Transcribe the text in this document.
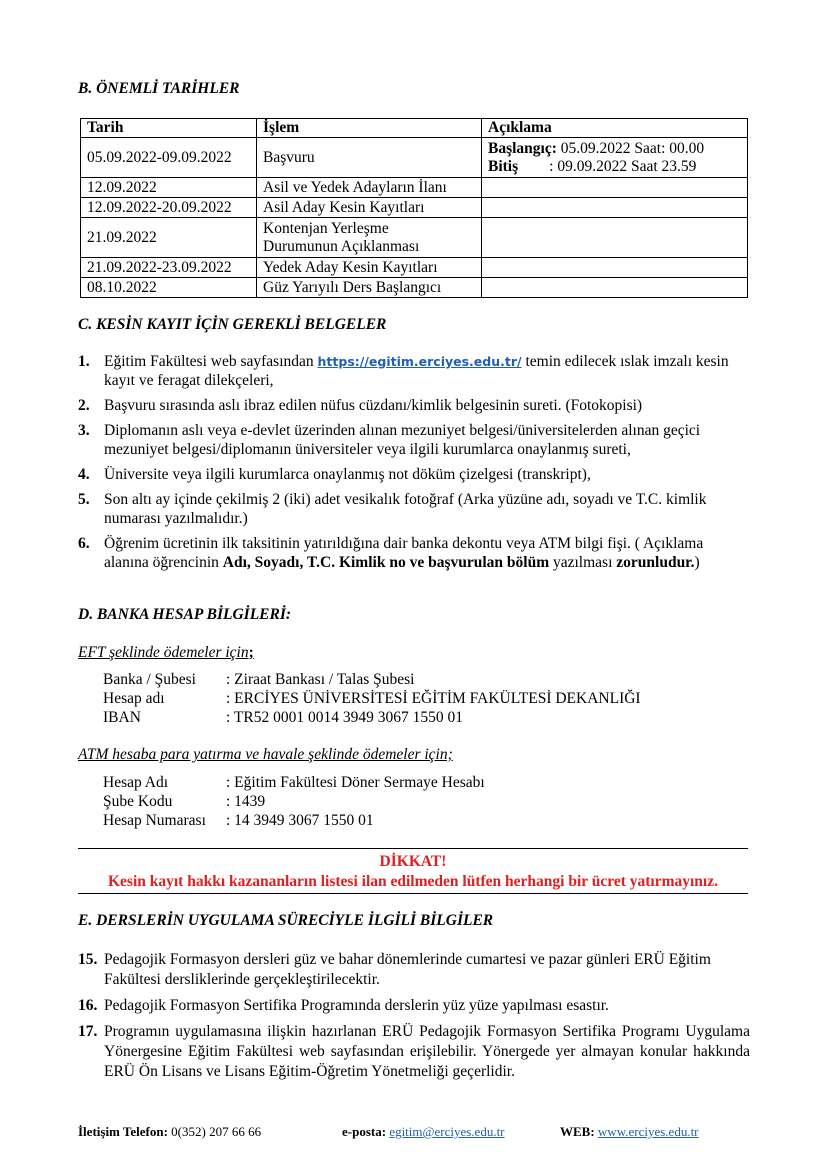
B. ÖNEMLİ TARİHLER

Tarih	İşlem	Açıklama
05.09.2022-09.09.2022	Başvuru	Başlangıç: 05.09.2022 Saat: 00.00
Bitiş        : 09.09.2022 Saat 23.59

12.09.2022	Asil ve Yedek Adayların İlanı	
12.09.2022-20.09.2022	Asil Aday Kesin Kayıtları	
21.09.2022	Kontenjan Yerleşme
Durumunun Açıklanması	

21.09.2022-23.09.2022	Yedek Aday Kesin Kayıtları	
08.10.2022	Güz Yarıyılı Ders Başlangıcı	

C. KESİN KAYIT İÇİN GEREKLİ BELGELER

1. Eğitim Fakültesi web sayfasından https://egitim.erciyes.edu.tr/ temin edilecek ıslak imzalı kesin kayıt ve feragat dilekçeleri,
2. Başvuru sırasında aslı ibraz edilen nüfus cüzdanı/kimlik belgesinin sureti. (Fotokopisi)
3. Diplomanın aslı veya e-devlet üzerinden alınan mezuniyet belgesi/üniversitelerden alınan geçici mezuniyet belgesi/diplomanın üniversiteler veya ilgili kurumlarca onaylanmış sureti,
4. Üniversite veya ilgili kurumlarca onaylanmış not döküm çizelgesi (transkript),
5. Son altı ay içinde çekilmiş 2 (iki) adet vesikalık fotoğraf (Arka yüzüne adı, soyadı ve T.C. kimlik numarası yazılmalıdır.)
6. Öğrenim ücretinin ilk taksitinin yatırıldığına dair banka dekontu veya ATM bilgi fişi. ( Açıklama alanına öğrencinin Adı, Soyadı, T.C. Kimlik no ve başvurulan bölüm yazılması zorunludur.)

D. BANKA HESAP BİLGİLERİ:

EFT şeklinde ödemeler için;
Banka / Şubesi	: Ziraat Bankası / Talas Şubesi
Hesap adı	: ERCİYES ÜNİVERSİTESİ EĞİTİM FAKÜLTESİ DEKANLIĞI
IBAN	: TR52 0001 0014 3949 3067 1550 01
ATM hesaba para yatırma ve havale şeklinde ödemeler için;
Hesap Adı	: Eğitim Fakültesi Döner Sermaye Hesabı
Şube Kodu	: 1439
Hesap Numarası	: 14 3949 3067 1550 01
DİKKAT!
Kesin kayıt hakkı kazananların listesi ilan edilmeden lütfen herhangi bir ücret yatırmayınız.

E. DERSLERİN UYGULAMA SÜRECİYLE İLGİLİ BİLGİLER

15. Pedagojik Formasyon dersleri güz ve bahar dönemlerinde cumartesi ve pazar günleri ERÜ Eğitim Fakültesi dersliklerinde gerçekleştirilecektir.
16. Pedagojik Formasyon Sertifika Programında derslerin yüz yüze yapılması esastır.
17. Programın uygulamasına ilişkin hazırlanan ERÜ Pedagojik Formasyon Sertifika Programı Uygulama Yönergesine Eğitim Fakültesi web sayfasından erişilebilir. Yönergede yer almayan konular hakkında ERÜ Ön Lisans ve Lisans Eğitim-Öğretim Yönetmeliği geçerlidir.
İletişim Telefon: 0(352) 207 66 66	e-posta: egitim@erciyes.edu.tr	WEB: www.erciyes.edu.tr
